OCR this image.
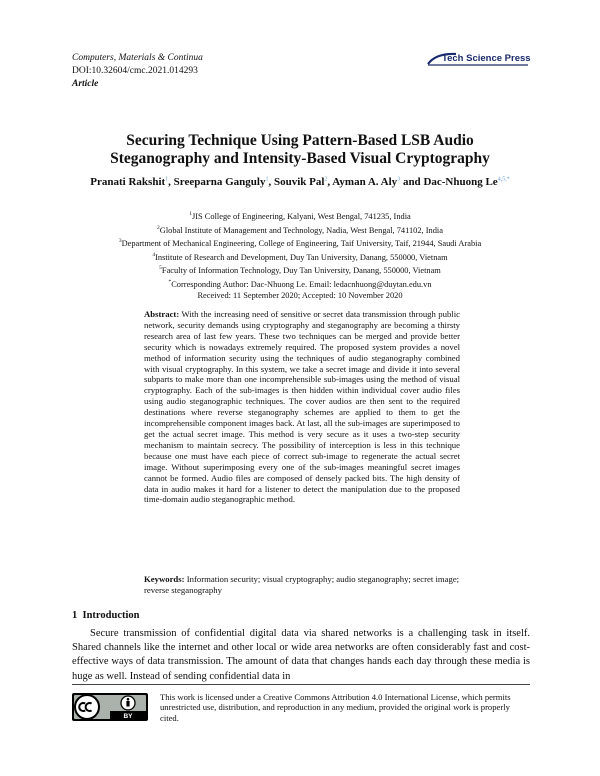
Computers, Materials & Continua
DOI:10.32604/cmc.2021.014293
Article
Tech Science Press
Securing Technique Using Pattern-Based LSB Audio
Steganography and Intensity-Based Visual Cryptography
Pranati Rakshit$^1$, Sreeparna Ganguly$^1$, Souvik Pal$^2$, Ayman A. Aly$^3$ and Dac-Nhuong $Le^{4,5,*}$
$^1$JIS College of Engineering, Kalyani, West Bengal, 741235, India
$^2$Global Institute of Management and Technology, Nadia, West Bengal, 741102, India
$^3$Department of Mechanical Engineering, College of Engineering, Taif University, Taif, 21944, Saudi Arabia
$^4$Institute of Research and Development, Duy Tan University, Danang, 550000, Vietnam
$^5$Faculty of Information Technology, Duy Tan University, Danang, 550000, Vietnam
*Corresponding Author: Dac-Nhuong Le. Email: ledacnhuong@duytan.edu.vn
Received: 11 September 2020; Accepted: 10 November 2020
Abstract: With the increasing need of sensitive or secret data transmission through public network, security demands using cryptography and steganography are becoming a thirsty research area of last few years. These two techniques can be merged and provide better security which is nowadays extremely required. The proposed system provides a novel method of information security using the techniques of audio steganography combined with visual cryptography. In this system, we take a secret image and divide it into several subparts to make more than one incomprehensible sub-images using the method of visual cryptography. Each of the sub-images is then hidden within individual cover audio files using audio steganographic techniques. The cover audios are then sent to the required destinations where reverse steganography schemes are applied to them to get the incomprehensible component images back. At last, all the sub-images are superimposed to get the actual secret image. This method is very secure as it uses a two-step security mechanism to maintain secrecy. The possibility of interception is less in this technique because one must have each piece of correct sub-image to regenerate the actual secret image. Without superimposing every one of the sub-images meaningful secret images cannot be formed. Audio files are composed of densely packed bits. The high density of data in audio makes it hard for a listener to detect the manipulation due to the proposed time-domain audio steganographic method.
Keywords: Information security; visual cryptography; audio steganography; secret image; reverse steganography
1 Introduction
Secure transmission of confidential digital data via shared networks is a challenging task in itself. Shared channels like the internet and other local or wide area networks are often considerably fast and cost-effective ways of data transmission. The amount of data that changes hands each day through these media is huge as well. Instead of sending confidential data in
BY
This work is licensed under a Creative Commons Attribution 4.0 International License, which permits unrestricted use, distribution, and reproduction in any medium, provided the original work is properly cited.
